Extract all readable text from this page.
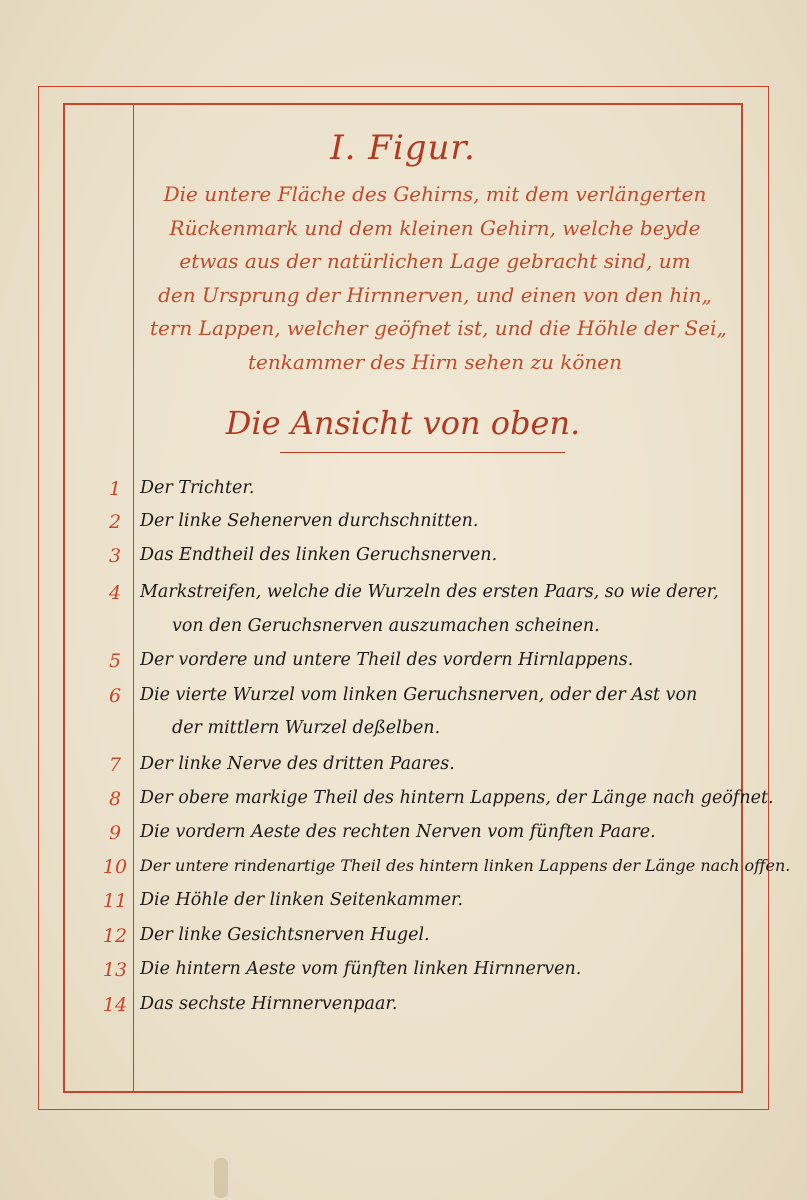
I. Figur.
Die untere Fläche des Gehirns, mit dem verlängerten
Rückenmark und dem kleinen Gehirn, welche beyde
etwas aus der natürlichen Lage gebracht sind, um
den Ursprung der Hirnnerven, und einen von den hin„
tern Lappen, welcher geöfnet ist, und die Höhle der Sei„
tenkammer des Hirn sehen zu könen
Die Ansicht von oben.
1	Der Trichter.
2	Der linke Sehenerven durchschnitten.
3	Das Endtheil des linken Geruchsnerven.
4	Markstreifen, welche die Wurzeln des ersten Paars, so wie derer,
von den Geruchsnerven auszumachen scheinen.
5	Der vordere und untere Theil des vordern Hirnlappens.
6	Die vierte Wurzel vom linken Geruchsnerven, oder der Ast von
der mittlern Wurzel deßelben.
7	Der linke Nerve des dritten Paares.
8	Der obere markige Theil des hintern Lappens, der Länge nach geöfnet.
9	Die vordern Aeste des rechten Nerven vom fünften Paare.
10 Der untere rindenartige Theil des hintern linken Lappens der Länge nach offen.
11 Die Höhle der linken Seitenkammer.
12 Der linke Gesichtsnerven Hugel.
13 Die hintern Aeste vom fünften linken Hirnnerven.
14 Das sechste Hirnnervenpaar.
